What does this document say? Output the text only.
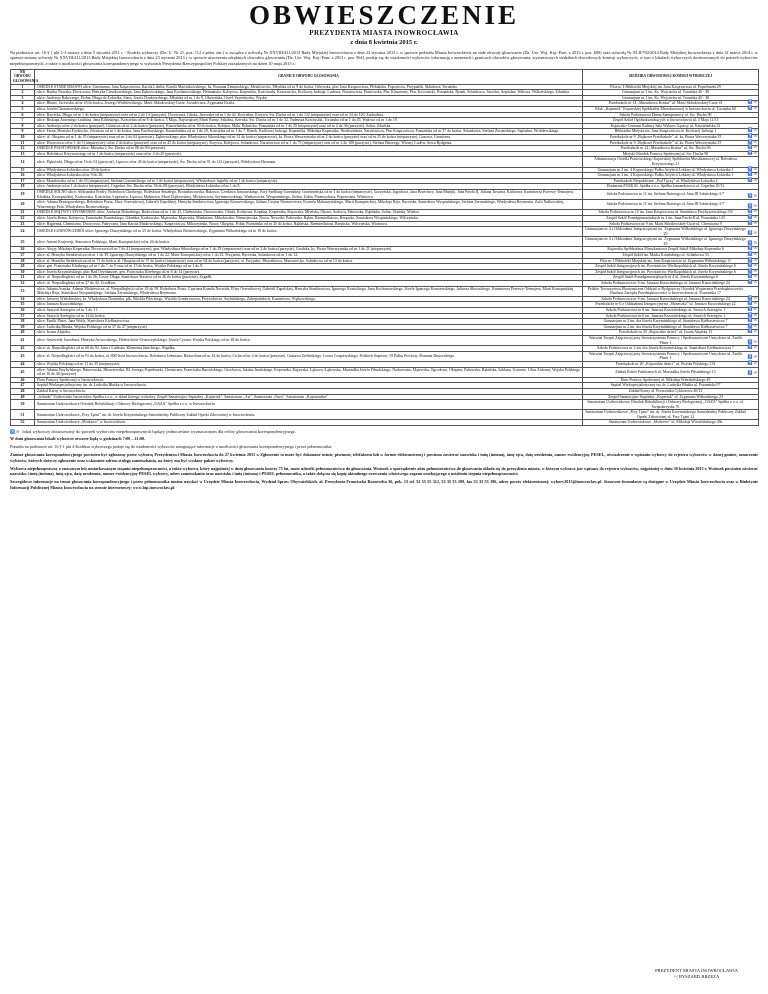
OBWIESZCZENIE
PREZYDENTA MIASTA INOWROCŁAWIA
z dnia 8 kwietnia 2015 r.

Na podstawie art. 16 § 1 pkt 1-3 ustawy z dnia 5 stycznia 2011 r. - Kodeks wyborczy (Dz. U. Nr 21, poz. 112 z późn. zm.) w związku z uchwałą Nr XXVIII/411/2013 Rady Miejskiej Inowrocławia z dnia 23 stycznia 2013 r. w sprawie podziału Miasta Inowrocławia na stałe obwody głosowania (Dz. Urz. Woj. Kuj.-Pom. z 2013 r. poz. 600) oraz uchwałą Nr XLII/702/2014 Rady Miejskiej Inowrocławia z dnia 31 marca 2014 r. w sprawie zmiany uchwały Nr XXVIII/411/2013 Rady Miejskiej Inowrocławia z dnia 23 stycznia 2013 r. w sprawie utworzenia odrębnych obwodów głosowania (Dz. Urz. Woj. Kuj.-Pom. z 2013 r. poz. 964), podaje się do wiadomości wyborców informację o numerach i granicach obwodów głosowania, wyznaczonych siedzibach obwodowych komisji wyborczych, w tym o lokalach wyborczych dostosowanych do potrzeb wyborców niepełnosprawnych, a także o możliwości głosowania korespondencyjnego w wyborach Prezydenta Rzeczypospolitej Polskiej zarządzonych na dzień 10 maja 2015 r.:

NR OBWODU GŁOSOWANIA	GRANICE OBWODU GŁOSOWANIA	SIEDZIBA OBWODOWEJ KOMISJI WYBORCZEJ
1	OSIEDLE STARE MIASTO ulice: Cmentarna, Jana Kasprowicza, Karola Libelta, Karola Marcinkowskiego, ks. Romana Zientarskiego, Metalowców, Młyńska od nr 9 do końca, Orłowska, plac Jana Kasprowicza, Plebańska, Popowicza, Przypadek, Składowa, Toruńska.	Filia nr 4 Biblioteki Miejskiej im. Jana Kasprowicza ul. Popiełuszki 29
2	ulice: Bartka Nowaka, Dworcowa, Henryka Cieszkowskiego, Jana Dąbrowskiego, Jana Kochanowskiego, Hetmańska, Kolejowa, Kopernika, Kościuszki, Kruszwicka, Królowej Jadwigi, Ludowa, Narutowicza, Piastowska, Plac Klasztorny, Plac Kościuszki, Poznańska, Rynek, Solankowa, Szeroka, Szpitalna, Wałowa, Wilkońskiego, Zduńska.	Gimnazjum nr 1 im. Ks. Wojciecha ul. Toruńska 40 - 48
3	ulice: Andrzeja Rakoczego, Dolna, Długa do Łokietka, Stara, Józefa Dankowskiego, Młyńska od nr 1 do 8, Olsztyńska, Orzeł, Szymborska, Wąska.	Gimnazjum nr 1 im. Ks. Wojciecha ul. Toruńska 40 - 48
4	ulice: Błonie, Jacewska od nr 43 do końca, Jerzego Wróblewskiego, Marii Skłodowskiej-Curie, Świadectwa, Zygmunta Krafta.	Przedszkole nr 14 „Mazurkowa Kraina” ul. Marii Skłodowskiej-Curie 41 ♿ ✉

5	ulica: Józefa Chrzanowskiego.	Klub „Kopernik” Kujawskiej Spółdzielni Mieszkaniowej w Inowrocławiu ul. Toruńska 60 ♿ ✉

6	ulice: Barcicka, Długa od nr 1 do końca (nieparzyste) oraz od nr 2 do 14 (parzyste), Dworcowa, Gliska, Jacewska od nr 1 do 42, Kościelna, Krzywa, Św. Ducha od nr 1 do 122 (nieparzyste) oraz od nr 34 do 120, Zachodnia.	Szkoła Podstawowa Domu Samopomocy ul. Św. Ducha 90
7	ulice: Biskupa Antoniego Laubitza, Jana Kilińskiego, Kościelna od nr 8 do końca, 3 Maja, Najświętszej Marii Panny, Szkolna, Szeroka, Św. Ducha od nr 1 do 32, Tadeusza Kościuszki, Toruńska od nr 1 do 45, Wałowa od nr 1 do 19.	Zespół Szkół Ogólnokształcących w Inowrocławiu ul. 3 Maja 11/13
8	ulice: Andrzeja od nr 2 do końca (parzyste), Górnicza od nr 2 do końca (parzyste), Kasztelańska od nr 30 do końca, Kolejna, Mała, Rybnicka, Poznańska od nr 1 do 35 (nieparzyste) oraz od nr 2 do 36 (parzyste), Solna, Zduńska.	Kujawsko-Centrum Kultury Sala Wyboru Gąsawy ul. Kasztelańska 22
9	ulice: Farna, Henryka Frydrycha, Górnicza od nr 1 do końca, Jana Pawłowskiego, Kasztelańska od nr 1 do 29, Kościelna od nr 1 do 7, Rynek, Królowej Jadwigi, Kopernika, Mikołaja Kopernika, Niedźwiedzia, Narutowicza, Plac Kasprowicza, Poznańska od nr 37 do końca, Solankowa, Stefana Żeromskiego, Szpitalna, Wróblewskiego.	Biblioteka Miejska im. Jana Kasprowicza ul. Królowej Jadwigi 1 ♿ ✉

10	ulice: ul. Okrężna od nr 1 do 35 (nieparzyste) oraz od nr 2 do 62 (parzyste), Dąbrowskiego, plac Władysława Sikorskiego od nr 31 do końca (nieparzyste), ks. Piotra Wawrzyniaka od nr 2 do końca (parzyste) oraz od nr 23 do końca (nieparzyste), Gazowa, Graniczna.	Przedszkole nr 9 „Bajkowe Przedszkole” ul. ks. Piotra Wawrzyniaka 15 ♿ ✉

11	ulice: Dworcowa od nr 1 do 5 (nieparzyste), od nr 2 do końca (parzyste) oraz od nr 45 do końca (nieparzyste), Krzywa, Kolejowa, Solankowa, Narutowicza od nr 1 do 75 (nieparzyste) oraz od nr 2 do 100 (parzyste), Stefana Batorego, Wiosny Ludów, Sowa Rydgenta.	Przedszkole nr 9 „Bajkowe Przedszkole” ul. ks. Piotra Wawrzyniaka 15 ♿ ✉

12	OSIEDLE PIASTOWSKIE ulice: Mieszka I, Św. Ducha od nr 88 do 90 (parzyste).	Przedszkole nr 14 „Mazurkowa Kraina” ul. Św. Ducha 90 ♿ ✉

13	ulica: Bolesława Krzywoustego od nr 1 do końca (nieparzyste) oraz od nr 2 do 20 (parzyste).	Miejski Ośrodek Pomocy Społecznej ul. Św. Ducha 90 ♿ ✉

14	ulice: Dąbrówki, Długa od nr 16 do 52 (parzyste), Lipowa od nr 45 do końca (nieparzyste), Św. Ducha od nr 91 do 122 (parzyste), Władysława Hermana.	Administracja Osiedla Piastowskiego Kujawskiej Spółdzielni Mieszkaniowej ul. Bolesława Krzywoustego 21
15	ulica: Władysława Łokietka od nr 29 do końca.	Gimnazjum nr 3 im. 4 Kujawskiego Pułku Artylerii Lekkiej ul. Władysława Łokietka 1 ♿ ✉

16	ulica: Władysława Łokietka od nr 9 do 28.	Gimnazjum nr 3 im. 4 Kujawskiego Pułku Artylerii Lekkiej ul. Władysława Łokietka 1 ♿ ✉

17	ulice: Marulewska od nr 1 do 33 (nieparzyste), Stefana Czarnieckiego od nr 1 do końca (nieparzyste), Władysława Jagiełły od nr 1 do końca (nieparzyste).	Przedszkole Niepubliczne „Pod Tęczą” ul. Władysława Łokietka 2 ♿ ✉

18	ulice: Andrzeja od nr 1 do końca (nieparzyste), Cegielna, Św. Ducha od nr 56 do 88 (parzyste), Władysława Łokietka od nr 1 do 8.	Drukarnia POZKAL Spółka z o.o. Spółka komandytowa ul. Cegielna 10/12
19	OSIEDLE SOLNO ulice: Aleksandra Fredry, Bolesława Chrobrego, Bolesława Śmiałego, Bronisławowska, Bukowa, Czesława Janczarskiego, Ewy Szelburg-Zarembiny, Gnieźnieńska od nr 1 do końca (nieparzyste), Gorzyńska, Jagodowa, Jana Brzechwy, Jana Matejki, Jana Pawła II, Juliana Tuwima, Kalinowa, Kazimierza Przerwy-Tetmajera, Kłodzka, Konopnickiej, Krakowska, Kościelna, Legionów, Lipowa, Malinowa, Marii Dąbrowskiej, Mickiewicza, Szymanowskiego, Wańkowicza, Wyspiańskiego, Zielna, Żabia, Przemysława, Poprzeczna, Wiśniowa.	Szkoła Podstawowa nr 11 im. Stefana Batorego ul. Jana III Sobieskiego 5/7 ♿ ✉

20	ulice: Adama Drzazgowskiego, Bolesława Prusa, Elizy Orzeszkowej, Gabrieli Zapolskiej, Henryka Sienkiewicza, Ignacego Kraszewskiego, Juliana Ursyna Niemcewicza, Kornela Makuszyńskiego, Marii Konopnickiej, Mikołaja Reja, Rycerska, Stanisława Wyspiańskiego, Stefana Żeromskiego, Władysława Reymonta, Zofii Nałkowskiej, Wincentego Pola, Władysława Broniewskiego.	Szkoła Podstawowa nr 11 im. Stefana Batorego ul. Jana III Sobieskiego 5/7 ♿ ✉

21	OSIEDLE MĄTWY I MYŚMIORZE ulice: Andrzeja Dobrakiego, Budowlana od nr 1 do 43, Chełmińska, Chorzowska, Glinki, Kolejowa, Kopalna, Kopernika, Kujawska, Młyńska, Okrzei, Sodowa, Pakowska, Rąbińska, Solna, Ułańska, Miedza.	Szkoła Podstawowa nr 10 im. Jana Kasprowicza ul. Stanisława Przybyszewskiego 5/6 ♿ ✉

22	ulice: Józefa Bema, Kolejowa, Franciszka Prusińskiego, Gdańska, Krakowska, Mątewska, Mątwicka, Miedziana, Mikołowska, Niemojewska, Nowa, Nowotki, Pakowska, Rąbin, Rzemieślnicza, Rzepicka, Stanisława Wyspiańskiego, Wilczyńska.	Zespół Szkół Ponadgimnazjalnych nr 2 im. Jana Pawła II ul. Poznańska 143 ♿ ✉

23	ulice: Bagienna, Chemiczna, Dworcowa, Fabryczna, Jana Karola Matkowskiego, Kasprowicza, Mikorzyńska, Nowa, Okrężna, Polna, Poznańska od nr 45 do końca, Rąbińska, Rzemieślnicza, Rzepicka, Wilczyńska, Wiatrowa.	Szkoła Podstawowa nr 9 im. Marii Skłodowskiej-Curie ul. Chemiczna 9 ♿ ✉

24	OSIEDLE ŁUBNÓW/ZDRÓJ ulice: Ignacego Daszyńskiego od nr 25 do końca, Władysława Broniewskiego, Zygmunta Wilkońskiego od nr 10 do końca.	Gimnazjum nr 4 z Oddziałami Integracyjnymi im. Zygmunta Wilkońskiego ul. Ignacego Daszyńskiego 29 ♿ ✉

25	ulice: Antoni Krajewsji, Starostwa Polskiego, Marii Konopnickiej od nr 24 do końca.	Gimnazjum nr 4 z Oddziałami Integracyjnymi im. Zygmunta Wilkońskiego ul. Ignacego Daszyńskiego 29 ♿ ✉

26	ulice: Alojzy Mikołaja Kopernika, Dworcowa od nr 7 do 41 (nieparzyste), gen. Władysława Sikorskiego od nr 1 do 29 (nieparzyste) oraz od nr 2 do końca (parzyste), Grodzka, ks. Piotra Wawrzyniaka od nr 1 do 21 (nieparzyste).	Kujawska Spółdzielnia Mieszkaniowa Zespół Szkół Mikołaja Kopernika 6 ♿ ✉

27	ulice: al. Henryka Sienkiewicza od nr 1 do 39, Ignacego Daszyńskiego od nr 1 do 22, Marii Konopnickiej od nr 1 do 23, Przyjaźni, Rycerska, Solankowa od nr 1 do 12.	Zespół Szkół im. Marka Kotańskiego ul. Solankowa 33 ♿ ✉

28	ulice: al. Henryka Sienkiewicza od nr 71 do końca, al. Okrężna od nr 37 do końca (nieparzyste) oraz od nr 64 do końca (parzyste), al. Przyjaźni, Bławatkowa, Mazowiecka, Solankowa od nr 13 do końca.	Filia nr 1 Biblioteki Miejskiej im. Jana Kasprowicza ul. Zygmunta Wilkońskiego 11 ♿ ✉

29	ulice: gen. Franciszka Kleeberga od nr 1 do 7, nr 9 oraz od nr 15 do końca, Wojska Polskiego od nr 1 do 9.	Zespół Szkół Integracyjnych im. Powstańców Wielkopolskich ul. Józefa Krzymińskiego 6 ♿ ✉

30	ulice: Józefa Krzymińskiego, plac Bad Oeynhausen, gen. Franciszka Kleeberga od nr 8 do 14 (parzyste).	Zespół Szkół Integracyjnych im. Powstańców Wielkopolskich ul. Józefa Krzymińskiego 6 ♿ ✉

31	ulice: ul. Niepodległości od nr 1 do 26, Cestry Długa, Stanisława Staszica od nr 46 do końca (parzyste), Żegadłi.	Zespół Szkół Ponadgimnazjalnych nr 4 ul. Józefa Krzymińskiego 6 ♿ ✉

32	ulice: ul. Niepodległości od nr 27 do 42, Grodków.	Szkoła Podstawowa nr 6 im. Janusza Kusocińskiego ul. Janusza Kusocińskiego 24 ♿ ✉

33	ulice: Adama Asnyka, Adama Mickiewicza, al. Niepodległości od nr 43 do 59, Bolesława Prusa, Cypriana Kamila Norwida, Elizy Orzeszkowej, Gabrieli Zapolskiej, Henryka Sienkiewicza, Ignacego Krasickiego, Jana Kochanowskiego, Józefa Ignacego Kraszewskiego, Juliusza Słowackiego, Kazimierza Przerwy-Tetmajera, Marii Konopnickiej, Mikołaja Reja, Stanisława Wyspiańskiego, Stefana Żeromskiego, Władysława Reymonta.	Polskie Towarzystwo Ekonomiczne Oddział w Bydgoszczy Ośrodek Wspierania Przedsiębiorczości Fundusz Zarządu Przedsiębiorczości w Inowrocławiu ul. Poznańska 17
34	ulice: Jaśwery Wielobitskiej, ks. Władysława Dominika, plk. Witolda Pileckiego, Witolda Gombrowicza, Przyrodnicze, Szybińskiego, Zakopiańskich, Kazimierza, Wątkowskiego.	Szkoła Podstawowa nr 6 im. Janusza Kusocińskiego ul. Janusza Kusocińskiego 24 ♿ ✉

35	ulica: Janusza Kusocińskiego.	Przedszkole nr 6 z Oddziałami Integracyjnymi „Słoneczko” ul. Janusza Kusocińskiego 22 ♿ ✉

36	ulica: Szarych Szeregów od nr 1 do 11.	Szkoła Podstawowa nr 6 im. Janusza Kusocińskiego ul. Szarych Szeregów 1 ♿ ✉

37	ulica: Szarych Szeregów od nr 12 do końca.	Szkoła Podstawowa nr 6 im. Janusza Kusocińskiego ul. Szarych Szeregów 1 ♿ ✉

38	ulice: Emilii Plater, Jana Wolfa, Stanisława Kiełbasiewicza.	Gimnazjum nr 2 im. dra Józefa Krzymińskiego ul. Stanisława Kiełbasiewicza 7 ♿ ✉

39	ulice: Ludwika Bluska, Wojska Polskiego od nr 37 do 47 (nieparzyste).	Gimnazjum nr 2 im. dra Józefa Krzymińskiego ul. Stanisława Kiełbasiewicza 7 ♿ ✉

40	ulica: Iwana Akęteka.	Przedszkole nr 20 „Kujawskie dzieci” ul. Iwana Akęteka 13 ♿ ✉

41	ulice: Gniewieły Jarosława, Henryka Arctowskiego, Hiderichtów-Gruszczyńskiego, Józefa Cyrana, Wojska Polskiego od nr 48 do końca.	Warsztat Terapii Zajęciowej przy Stowarzyszeniu Pomocy i Społecznościom Umysłowo ul. Emilii Plater 1 ♿ ✉

42	ulice: ul. Niepodległości od nr 60 do 92, Jana z Ludzska, Klemensa Janickiego, Wapiłka.	Szkoła Podstawowa nr 2 im. dra Józefa Krzymińskiego ul. Stanisława Kiełbasiewicza 7 ♿ ✉

43	ulice: al. Niepodległości od nr 93 do końca, al. 800-lecia Inowrocławia, Bolesława Leśmiana, Budowlana od nr 44 do końca, Cicha od nr 2 do końca (parzyste), Gustawa Zielińskiego, Leona Czapiewskiego, Polskich Saperów, 59 Pułku Piechoty, Romana Dmowskiego.	Warsztat Terapii Zajęciowej przy Stowarzyszeniu Pomocy i Społecznościom Umysłowo ul. Emilii Plater 1 ♿ ✉

44	ulica: Wojska Polskiego od nr 11 do 35 (nieparzyste).	Przedszkole nr 20 „Kujawskie dzieci” ul. Wojska Polskiego 134 ♿ ✉

45	ulice: Adama Przybylskiego, Batorowska, Błonczewska, Bł. Jerzego Popiełuszki, Chemiczna, Franciszka Barcińskiego, Grochowa, Jakuba Jasińskiego, Kopernika, Kujawska, Łąkowa, Łąkowska, Marszałka Józefa Piłsudskiego, Nadrzeczna, Mątewska, Ogrodowa, Okrężna, Pakowska, Rąbińska, Szklana, Ustronie, Ulica Zielonej, Wojska Polskiego od nr 10 do 46 (parzyste).	Zakład Robót Publicznych ul. Marszałka Józefa Piłsudskiego 13 ♿ ✉

46	Dom Pomocy Społecznej w Inowrocławiu.	Dom Pomocy Społecznej ul. Mikołaja Wierzbińskiego 49
47	Szpital Wielospecjalistyczny im. dr. Ludwika Błażka w Inowrocławiu.	Szpital Wielospecjalistyczny im. dr. Ludwika Błażka ul. Poznańska 97
48	Zakład Karny w Inowrocławiu.	Zakład Karny ul. Porucznika Cyklonowa 40/12
49	„Solanki” Uzdrowisko Inowrocław Spółka z o.o., w skład którego wchodzą: Zespół Sanatoryjno-Szpitalny „Kopernik”, Sanatorium „Ası”, Sanatorium „Oaza”, Sanatorium „Kujawianka”.	Zespół Sanatoryjno-Szpitalny „Kopernik” ul. Zygmunta Wilkońskiego 23
50	Sanatorium Uzdrowiskowe Ośrodek Rehabilitacji i Odnowy Biologicznej „OAZA” Spółka z o.o. w Inowrocławiu.	Sanatorium Uzdrowiskowe Ośrodek Rehabilitacji i Odnowy Biologicznej „OAZA” Spółka z o.o. ul. Świętokrzyska 76
51	Sanatorium Uzdrowiskowe „Przy Tężni” im. dr. Józefa Krzymińskiego Samodzielny Publiczny Zakład Opieki Zdrowotnej w Inowrocławiu.	Sanatorium Uzdrowiskowe „Przy Tężni” im. dr. Józefa Krzymińskiego Samodzielny Publiczny Zakład Opieki Zdrowotnej ul. Przy Tężni 12
52	Sanatorium Uzdrowiskowe „Modrzew” w Inowrocławiu.	Sanatorium Uzdrowiskowe „Modrzew” ul. Mikołaja Wierzbińskiego 49a
♿ ✉ lokal wyborczy dostosowany do potrzeb wyborców niepełnosprawnych będący jednocześnie wyznaczonym dla celów głosowania korespondencyjnego.

W dniu głosowania lokale wyborcze otwarte będą w godzinach 7:00 – 21:00.

Ponadto na podstawie art. 16 § 1 pkt 4 Kodeksu wyborczego podaje się do wiadomości wyborców następujące informacje o możliwości głosowania korespondencyjnego i przez pełnomocnika:

Zamiar głosowania korespondencyjnego powinien być zgłoszony przez wyborcę Prezydentowi Miasta Inowrocławia do 27 kwietnia 2015 r. Zgłoszenie to może być dokonane ustnie, pisemnie, telefaksem lub w formie elektronicznej i powinno zawierać nazwisko i imię (imiona), imię ojca, datę urodzenia, numer ewidencyjny PESEL, oświadczenie o wpisaniu wyborcy do rejestru wyborców w danej gminie, oznaczenie wyborów, których dotyczy zgłoszenie oraz wskazanie adresu stałego zamieszkania, na który ma być wysłany pakiet wyborczy.

Wyborca niepełnosprawny o znacznym lub umiarkowanym stopniu niepełnosprawności, a także wyborca, który najpóźniej w dniu głosowania kończy 75 lat, może udzielić pełnomocnictwa do głosowania. Wniosek o sporządzenie aktu pełnomocnictwa do głosowania składa się do prezydenta miasta, w którym wyborca jest wpisany do rejestru wyborców, najpóźniej w dniu 30 kwietnia 2015 r. Wniosek powinien zawierać nazwisko i imię (imiona), imię ojca, datę urodzenia, numer ewidencyjny PESEL wyborcy, adres zamieszkania oraz nazwisko i imię (imiona) i PESEL pełnomocnika, a także dołącza się kopię aktualnego orzeczenia właściwego organu orzekającego o ustaleniu stopnia niepełnosprawności.

Szczegółowe informacje na temat głosowania korespondencyjnego i przez pełnomocnika można uzyskać w Urzędzie Miasta Inowrocławia, Wydział Spraw Obywatelskich, al. Prezydenta Franciszka Roosevelta 36, pok. 13 tel. 52 35 55 312, 52 35 55 209, fax 52 35 55 396, adres poczty elektronicznej: wybory2015@inowroclaw.pl. Stosowne formularze są dostępne w Urzędzie Miasta Inowrocławia oraz w Biuletynie Informacji Publicznej Miasta Inowrocławia na stronie internetowej: www.bip.inowroclaw.pl

PREZYDENT MIASTA INOWROCŁAWIA
/-/ RYSZARD BRZEZA
